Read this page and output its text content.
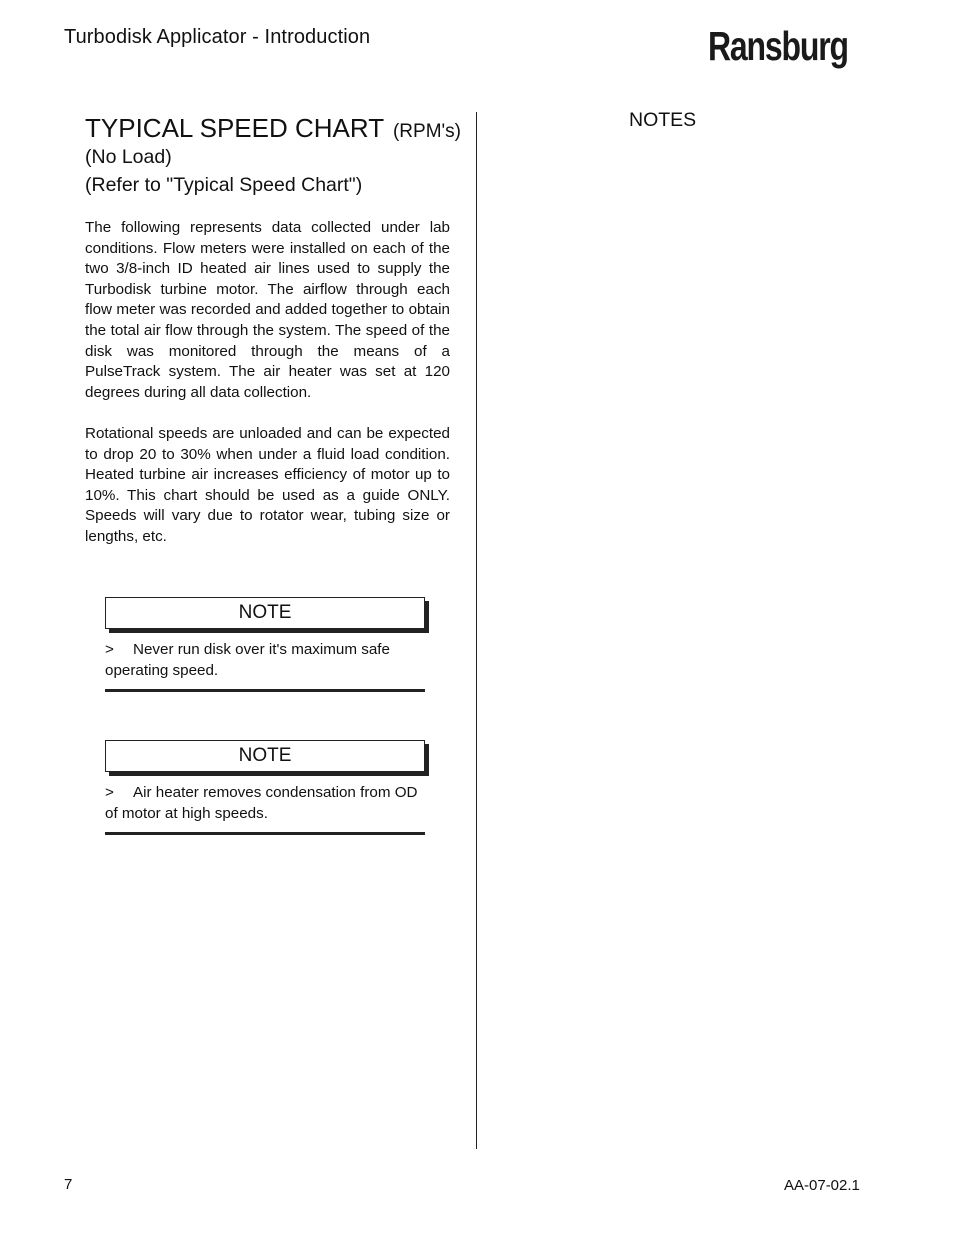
Turbodisk Applicator - Introduction	Ransburg
TYPICAL SPEED CHART (RPM's)
(No Load)
(Refer to "Typical Speed Chart")

The following represents data collected under lab conditions. Flow meters were installed on each of the two 3/8-inch ID heated air lines used to supply the Turbodisk turbine motor. The airflow through each flow meter was recorded and added together to obtain the total air flow through the system. The speed of the disk was monitored through the means of a PulseTrack system. The air heater was set at 120 degrees during all data collection.

Rotational speeds are unloaded and can be expected to drop 20 to 30% when under a fluid load condition. Heated turbine air increases efficiency of motor up to 10%. This chart should be used as a guide ONLY. Speeds will vary due to rotator wear, tubing size or lengths, etc.

NOTE
> Never run disk over it's maximum safe operating speed.
NOTE
> Air heater removes condensation from OD of motor at high speeds.
NOTES
7	AA-07-02.1
